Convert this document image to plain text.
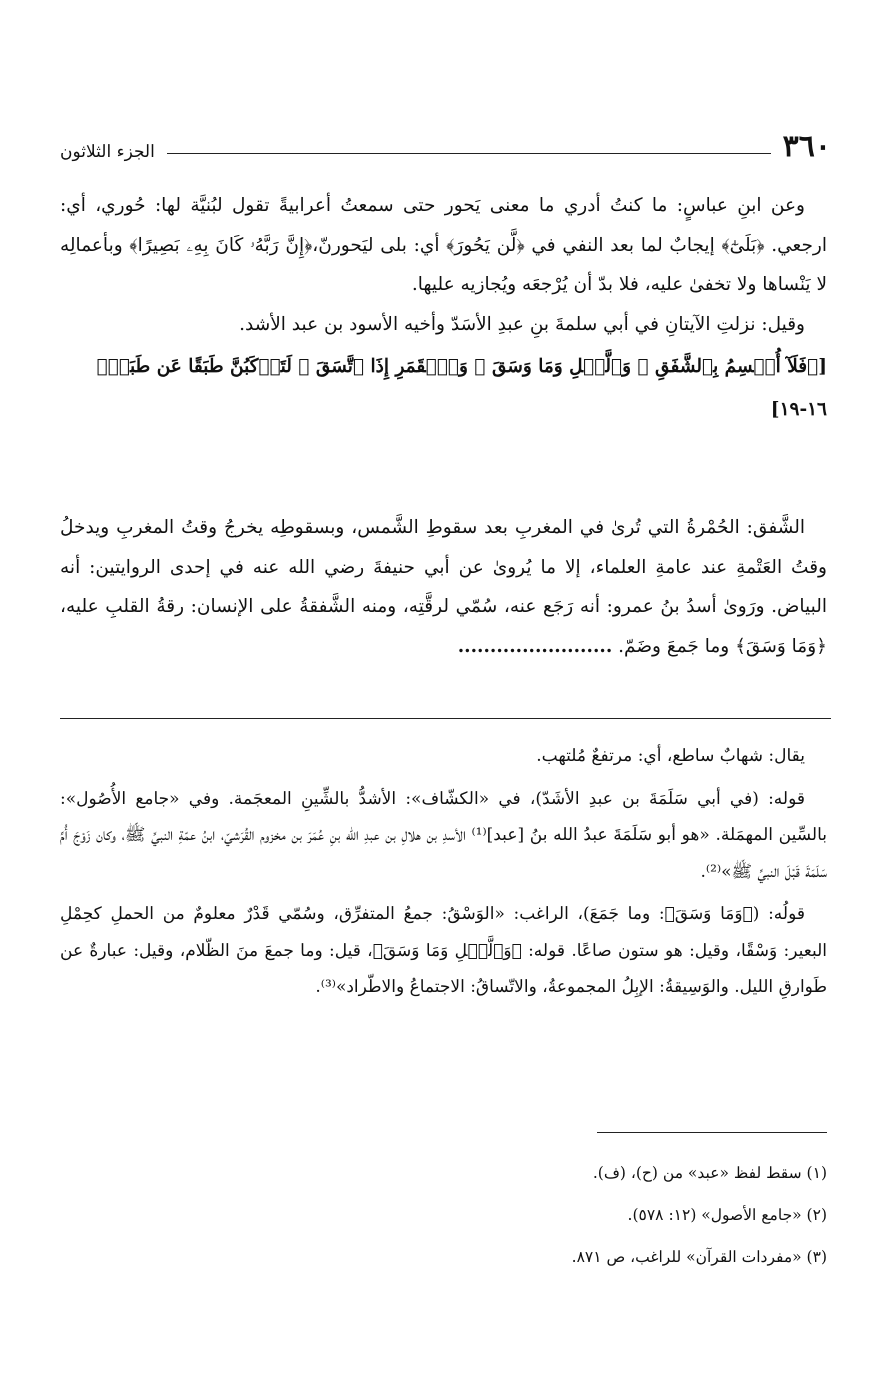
٣٦٠
الجزء الثلاثون

وعن ابنِ عباسٍ: ما كنتُ أدري ما معنى يَحور حتى سمعتُ أعرابيةً تقول لبُنيَّة لها: حُوري، أي: ارجعي. ﴿بَلَىٰٓ﴾ إيجابٌ لما بعد النفي في ﴿لَّن يَحُورَ﴾ أي: بلى ليَحورنّ،﴿إِنَّ رَبَّهُۥ كَانَ بِهِۦ بَصِيرًا﴾ وبأعمالِه لا يَنْساها ولا تخفىٰ عليه، فلا بدّ أن يُرْجعَه ويُجازيه عليها.

وقيل: نزلتِ الآيتانِ في أبي سلمةَ بنِ عبدِ الأسَدّ وأخيه الأسود بن عبد الأشد.

[﴿فَلَآ أُقۡسِمُ بِٱلشَّفَقِ ۞ وَٱلَّيۡلِ وَمَا وَسَقَ ۞ وَٱلۡقَمَرِ إِذَا ٱتَّسَقَ ۞ لَتَرۡكَبُنَّ طَبَقًا عَن طَبَقٖ﴾

١٦-١٩]

الشَّفق: الحُمْرةُ التي تُرىٰ في المغربِ بعد سقوطِ الشَّمس، وبسقوطِه يخرجُ وقتُ المغربِ ويدخلُ وقتُ العَتْمةِ عند عامةِ العلماء، إلا ما يُروىٰ عن أبي حنيفةَ رضي الله عنه في إحدى الروايتين: أنه البياض. ورَوىٰ أسدُ بنُ عمرو: أنه رَجَع عنه، سُمّي لرقَّتِه، ومنه الشَّفقةُ على الإنسان: رقةُ القلبِ عليه، ﴿وَمَا وَسَقَ﴾ وما جَمعَ وضَمّ. ........................

يقال: شهابٌ ساطع، أي: مرتفعٌ مُلتهب.

قوله: (في أبي سَلَمَةَ بن عبدِ الأشَدّ)، في «الكشّاف»: الأشدُّ بالشِّينِ المعجَمة. وفي «جامع الأُصُول»: بالسِّين المهمَلة. «هو أبو سَلَمَةَ عبدُ الله بنُ [عبد]⁽¹⁾ الأسدِ بن هلالِ بن عبدِ الله بنِ عُمَرَ بن مخزوم القُرَشيّ، ابنُ عمّةِ النبيِّ ﷺ، وكان زَوْجَ أُمِّ سَلَمَةَ قَبْلَ النبيِّ ﷺ»⁽²⁾.

قولُه: (﴿وَمَا وَسَقَ﴾: وما جَمَعَ)، الراغب: «الوَسْقُ: جمعُ المتفرِّق، وسُمّي قَدْرٌ معلومٌ من الحملِ كحِمْلِ البعير: وَسْقًا، وقيل: هو ستون صاعًا. قوله: ﴿وَٱلَّيۡلِ وَمَا وَسَقَ﴾، قيل: وما جمعَ منَ الظّلام، وقيل: عبارةٌ عن طَوارقِ الليل. والوَسِيقةُ: الإبِلُ المجموعةُ، والاتّساقُ: الاجتماعُ والاطّراد»⁽³⁾.

(١) سقط لفظ «عبد» من (ح)، (ف).

(٢) «جامع الأصول» (١٢: ٥٧٨).

(٣) «مفردات القرآن» للراغب، ص ٨٧١.
